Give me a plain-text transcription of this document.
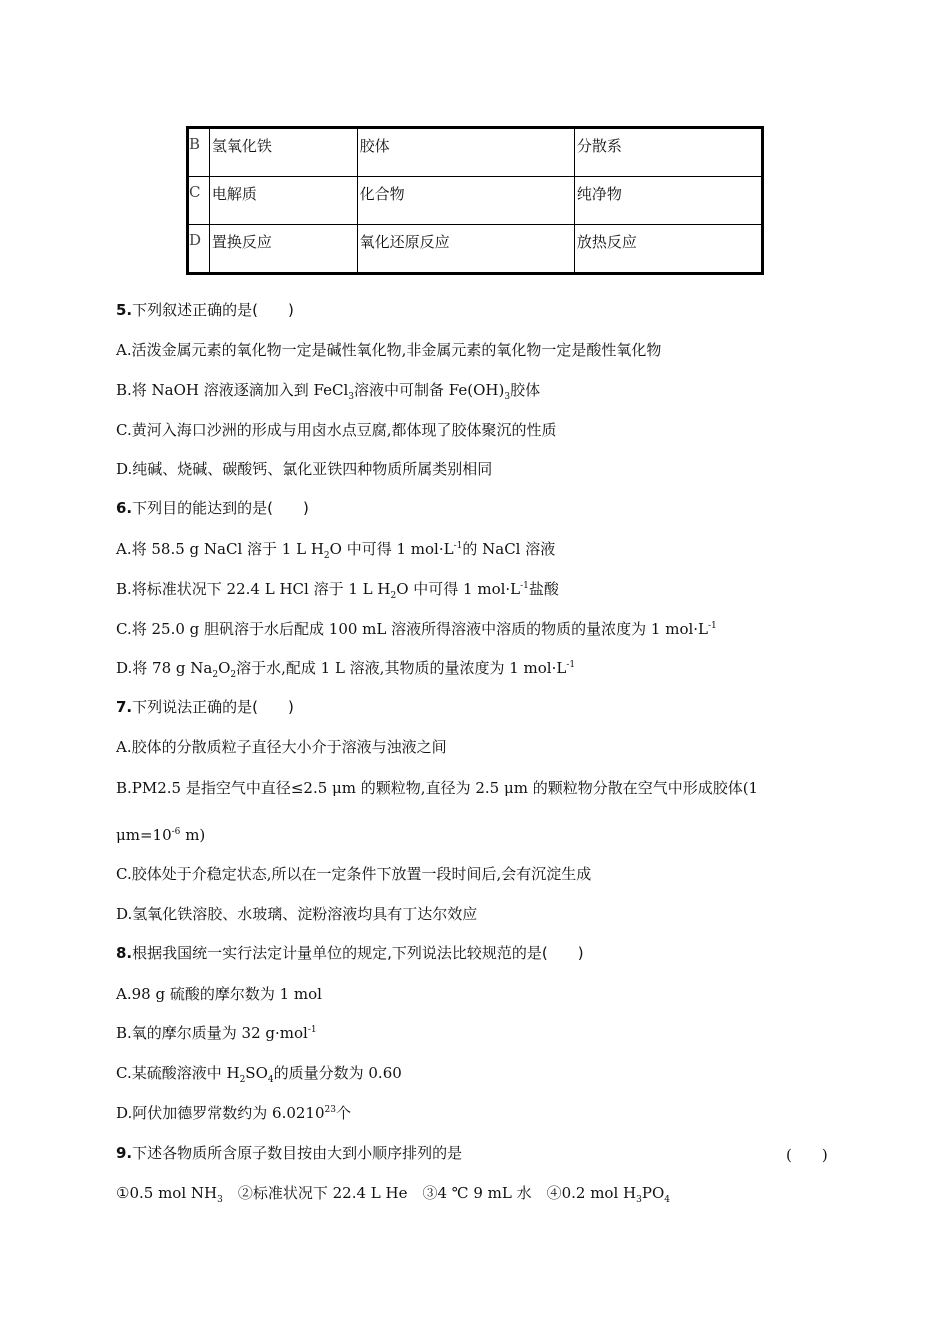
B	氢氧化铁	胶体	分散系
C	电解质	化合物	纯净物
D	置换反应	氧化还原反应	放热反应
5.下列叙述正确的是(　　)
A.活泼金属元素的氧化物一定是碱性氧化物,非金属元素的氧化物一定是酸性氧化物
B.将 NaOH 溶液逐滴加入到 FeCl$_3$溶液中可制备 $Fe(OH)_3$胶体
C.黄河入海口沙洲的形成与用卤水点豆腐,都体现了胶体聚沉的性质
D.纯碱、烧碱、碳酸钙、氯化亚铁四种物质所属类别相同
6.下列目的能达到的是(　　)
A.将 58.5 g NaCl 溶于 1 L $H_2O$ 中可得 1 $mol\cdot L^{-1}$的 NaCl 溶液
B.将标准状况下 22.4 L HCl 溶于 1 L $H_2O$ 中可得 1 $mol\cdot L^{-1}$盐酸
C.将 25.0 g 胆矾溶于水后配成 100 mL 溶液所得溶液中溶质的物质的量浓度为 1 $mol\cdot L^{-1}$
D.将 78 g $Na_2O_2$溶于水,配成 1 L 溶液,其物质的量浓度为 1 $mol\cdot L^{-1}$
7.下列说法正确的是(　　)
A.胶体的分散质粒子直径大小介于溶液与浊液之间
B.PM2.5 是指空气中直径≤2.5 μm 的颗粒物,直径为 2.5 μm 的颗粒物分散在空气中形成胶体(1
$\mu m=10^{-6}$ m)
C.胶体处于介稳定状态,所以在一定条件下放置一段时间后,会有沉淀生成
D.氢氧化铁溶胶、水玻璃、淀粉溶液均具有丁达尔效应
8.根据我国统一实行法定计量单位的规定,下列说法比较规范的是(　　)
A.98 g 硫酸的摩尔数为 1 mol
B.氧的摩尔质量为 32 g·mol$^{-1}$
C.某硫酸溶液中 $H_2SO_4$的质量分数为 0.60
D.阿伏加德罗常数约为 6.0210$^{23}$个
9.下述各物质所含原子数目按由大到小顺序排列的是	(　　)
①0.5 mol $NH_3$　②标准状况下 22.4 L He　③4 ℃ 9 mL 水　④0.2 mol $H_3PO_4$
